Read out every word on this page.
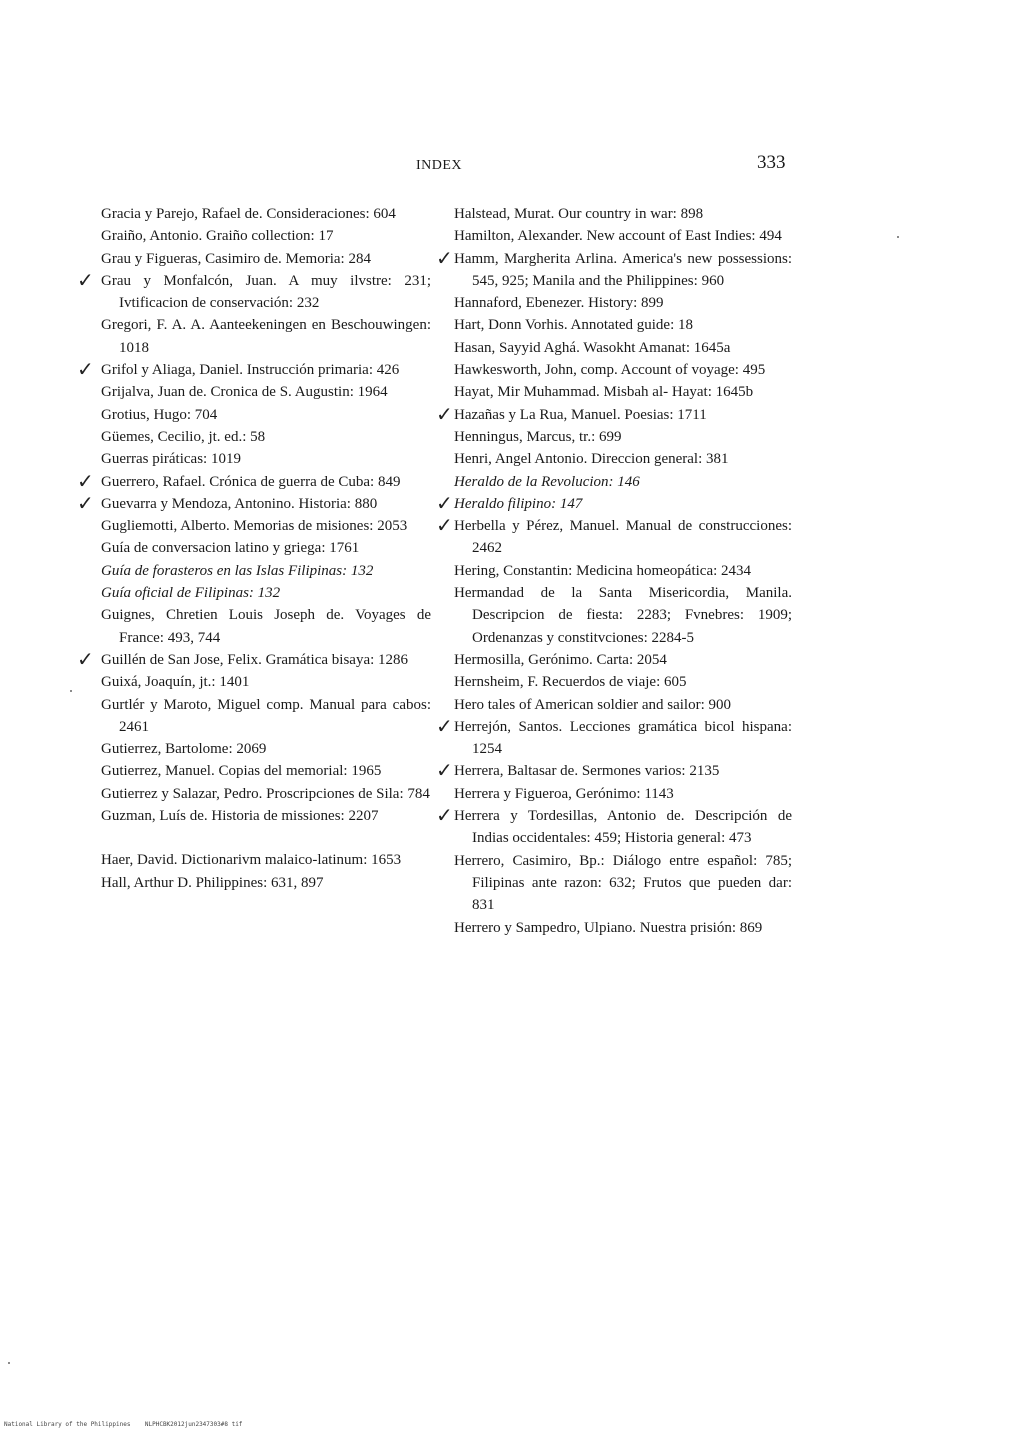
INDEX	333
Gracia y Parejo, Rafael de. Consideraciones: 604
Graiño, Antonio. Graiño collection: 17
Grau y Figueras, Casimiro de. Memoria: 284
✓ Grau y Monfalcón, Juan. A muy ilvstre: 231; Ivtificacion de conservación: 232
Gregori, F. A. A. Aanteekeningen en Beschouwingen: 1018
✓ Grifol y Aliaga, Daniel. Instrucción primaria: 426
Grijalva, Juan de. Cronica de S. Augustin: 1964
Grotius, Hugo: 704
Güemes, Cecilio, jt. ed.: 58
Guerras piráticas: 1019
✓ Guerrero, Rafael. Crónica de guerra de Cuba: 849
✓ Guevarra y Mendoza, Antonino. Historia: 880
Gugliemotti, Alberto. Memorias de misiones: 2053
Guía de conversacion latino y griega: 1761
Guía de forasteros en las Islas Filipinas: 132
Guía oficial de Filipinas: 132
Guignes, Chretien Louis Joseph de. Voyages de France: 493, 744
✓ Guillén de San Jose, Felix. Gramática bisaya: 1286
Guixá, Joaquín, jt.: 1401
Gurtlér y Maroto, Miguel comp. Manual para cabos: 2461
Gutierrez, Bartolome: 2069
Gutierrez, Manuel. Copias del memorial: 1965
Gutierrez y Salazar, Pedro. Proscripciones de Sila: 784
Guzman, Luís de. Historia de missiones: 2207
Haer, David. Dictionarivm malaico-latinum: 1653
Hall, Arthur D. Philippines: 631, 897
Halstead, Murat. Our country in war: 898
Hamilton, Alexander. New account of East Indies: 494
✓ Hamm, Margherita Arlina. America's new possessions: 545, 925; Manila and the Philippines: 960
Hannaford, Ebenezer. History: 899
Hart, Donn Vorhis. Annotated guide: 18
Hasan, Sayyid Aghá. Wasokht Amanat: 1645a
Hawkesworth, John, comp. Account of voyage: 495
Hayat, Mir Muhammad. Misbah al- Hayat: 1645b
✓ Hazañas y La Rua, Manuel. Poesias: 1711
Henningus, Marcus, tr.: 699
Henri, Angel Antonio. Direccion general: 381
Heraldo de la Revolucion: 146
✓ Heraldo filipino: 147
✓ Herbella y Pérez, Manuel. Manual de construcciones: 2462
Hering, Constantin: Medicina homeopática: 2434
Hermandad de la Santa Misericordia, Manila. Descripcion de fiesta: 2283; Fvnebres: 1909; Ordenanzas y constitvciones: 2284-5
Hermosilla, Gerónimo. Carta: 2054
Hernsheim, F. Recuerdos de viaje: 605
Hero tales of American soldier and sailor: 900
✓ Herrejón, Santos. Lecciones gramática bicol hispana: 1254
✓ Herrera, Baltasar de. Sermones varios: 2135
Herrera y Figueroa, Gerónimo: 1143
✓ Herrera y Tordesillas, Antonio de. Descripción de Indias occidentales: 459; Historia general: 473
Herrero, Casimiro, Bp.: Diálogo entre español: 785; Filipinas ante razon: 632; Frutos que pueden dar: 831
Herrero y Sampedro, Ulpiano. Nuestra prisión: 869
National Library of the Philippines    NLPHCBK2012jun2347303#8 tif
